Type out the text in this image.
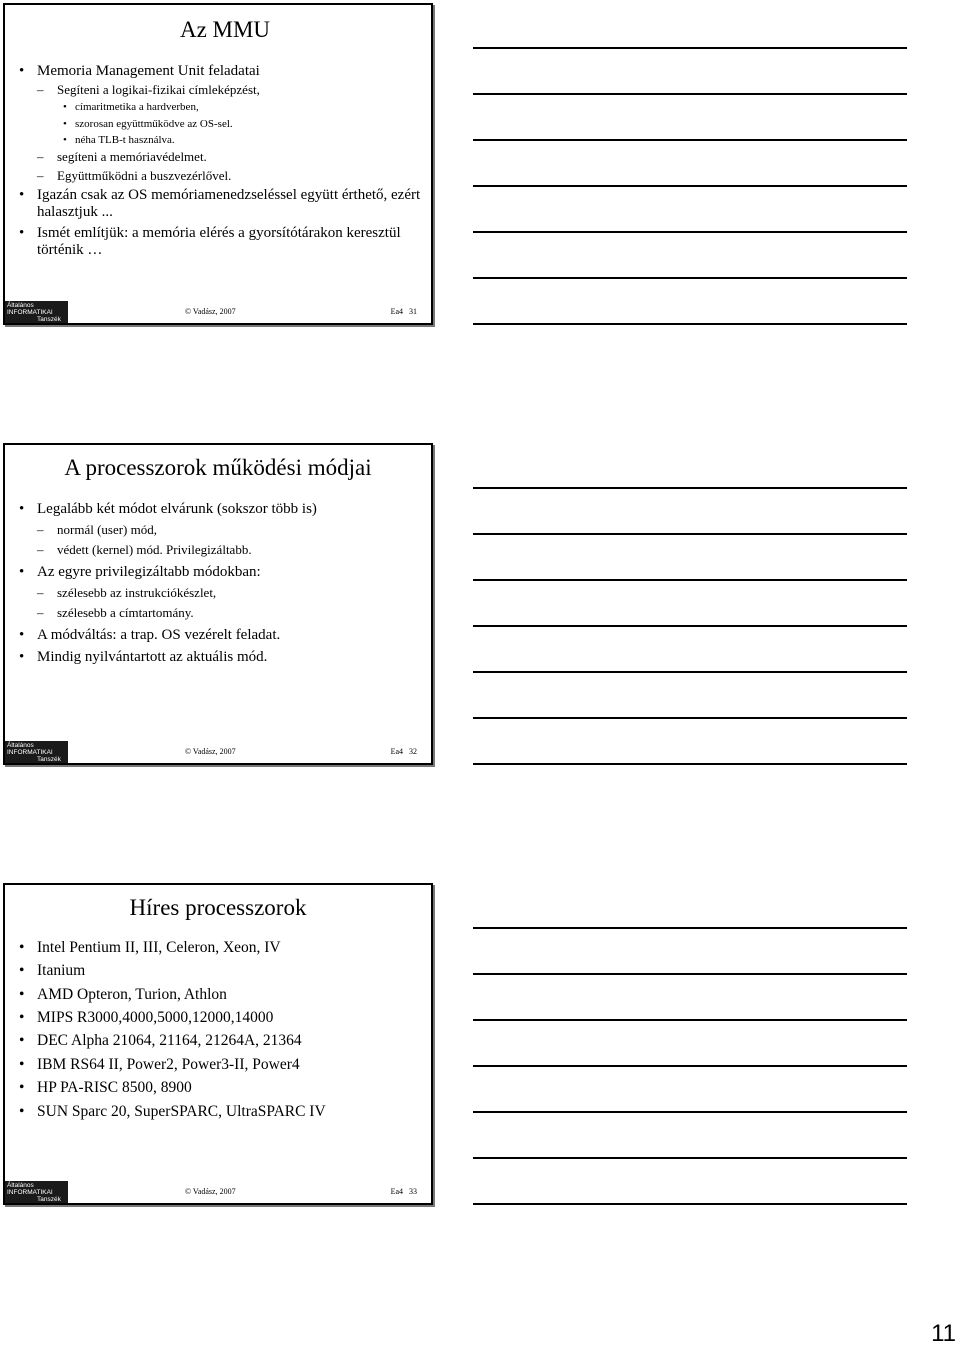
Az MMU
• Memoria Management Unit feladatai
– Segíteni a logikai-fizikai címleképzést,
• címaritmetika a hardverben,
• szorosan együttműködve az OS-sel.
• néha TLB-t használva.
– segíteni a memóriavédelmet.
– Együttműködni a buszvezérlővel.
• Igazán csak az OS memóriamenedzseléssel együtt érthető, ezért halasztjuk ...
• Ismét említjük: a memória elérés a gyorsítótárakon keresztül történik …
Általános
INFORMATIKAI
Tanszék
© Vadász, 2007	Ea4 31
A processzorok működési módjai
• Legalább két módot elvárunk (sokszor több is)
– normál (user) mód,
– védett (kernel) mód. Privilegizáltabb.
• Az egyre privilegizáltabb módokban:
– szélesebb az instrukciókészlet,
– szélesebb a címtartomány.
• A módváltás: a trap. OS vezérelt feladat.
• Mindig nyilvántartott az aktuális mód.
Általános
INFORMATIKAI
Tanszék
© Vadász, 2007	Ea4 32
Híres processzorok
• Intel Pentium II, III, Celeron, Xeon, IV
• Itanium
• AMD Opteron, Turion, Athlon
• MIPS R3000,4000,5000,12000,14000
• DEC Alpha 21064, 21164, 21264A, 21364
• IBM RS64 II, Power2, Power3-II, Power4
• HP PA-RISC 8500, 8900
• SUN Sparc 20, SuperSPARC, UltraSPARC IV
Általános
INFORMATIKAI
Tanszék
© Vadász, 2007	Ea4 33
11
